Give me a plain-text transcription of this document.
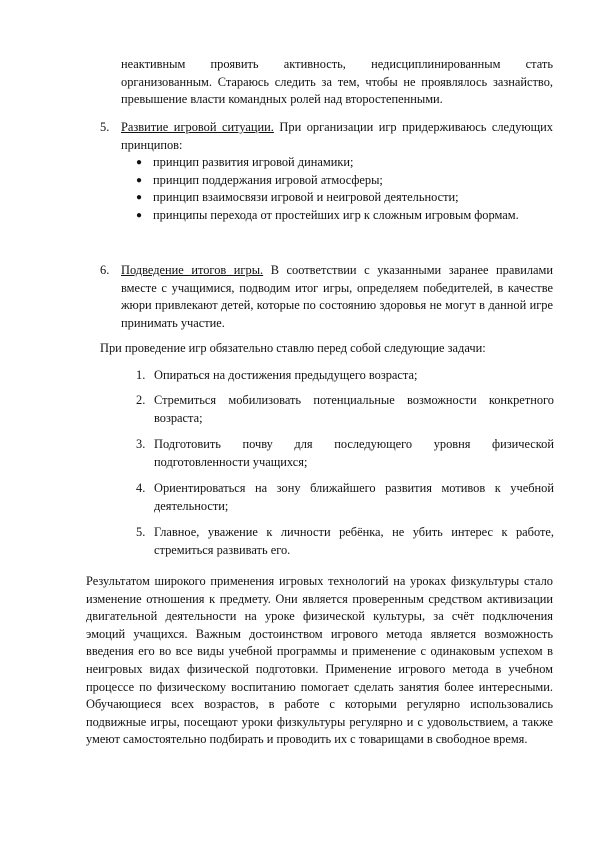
неактивным проявить активность, недисциплинированным стать организованным. Стараюсь следить за тем, чтобы не проявлялось зазнайство, превышение власти командных ролей над второстепенными.

5. Развитие игровой ситуации. При организации игр придерживаюсь следующих принципов:
● принцип развития игровой динамики;
● принцип поддержания игровой атмосферы;
● принцип взаимосвязи игровой и неигровой деятельности;
● принципы перехода от простейших игр к сложным игровым формам.
6. Подведение итогов игры. В соответствии с указанными заранее правилами вместе с учащимися, подводим итог игры, определяем победителей, в качестве жюри привлекают детей, которые по состоянию здоровья не могут в данной игре принимать участие.

При проведение игр обязательно ставлю перед собой следующие задачи:

1. Опираться на достижения предыдущего возраста;
2. Стремиться мобилизовать потенциальные возможности конкретного возраста;
3. Подготовить почву для последующего уровня физической подготовленности учащихся;
4. Ориентироваться на зону ближайшего развития мотивов к учебной деятельности;
5. Главное, уважение к личности ребёнка, не убить интерес к работе, стремиться развивать его.

Результатом широкого применения игровых технологий на уроках физкультуры стало изменение отношения к предмету. Они является проверенным средством активизации двигательной деятельности на уроке физической культуры, за счёт подключения эмоций учащихся. Важным достоинством игрового метода является возможность введения его во все виды учебной программы и применение с одинаковым успехом в неигровых видах физической подготовки. Применение игрового метода в учебном процессе по физическому воспитанию помогает сделать занятия более интересными. Обучающиеся всех возрастов, в работе с которыми регулярно использовались подвижные игры, посещают уроки физкультуры регулярно и с удовольствием, а также умеют самостоятельно подбирать и проводить их с товарищами в свободное время.
